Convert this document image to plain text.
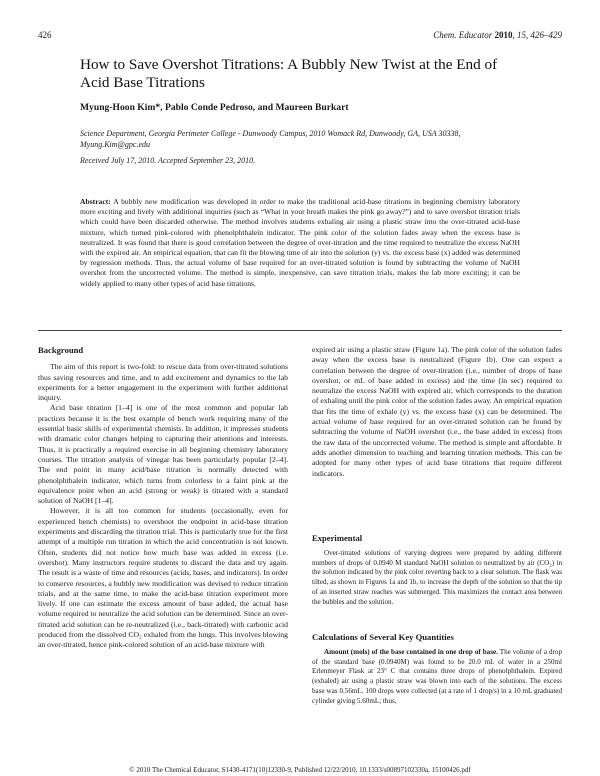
426	Chem. Educator 2010, 15, 426–429
How to Save Overshot Titrations: A Bubbly New Twist at the End of Acid Base Titrations
Myung-Hoon Kim*, Pablo Conde Pedroso, and Maureen Burkart
Science Department, Georgia Perimeter College - Dunwoody Campus, 2010 Womack Rd, Dunwoody, GA, USA 30338, Myung.Kim@gpc.edu
Received July 17, 2010. Accepted September 23, 2010.
Abstract: A bubbly new modification was developed in order to make the traditional acid-base titrations in beginning chemistry laboratory more exciting and lively with additional inquiries (such as “What in your breath makes the pink go away?”) and to save overshot titration trials which could have been discarded otherwise. The method involves students exhaling air using a plastic straw into the over-titrated acid-base mixture, which turned pink-colored with phenolphthalein indicator. The pink color of the solution fades away when the excess base is neutralized. It was found that there is good correlation between the degree of over-titration and the time required to neutralize the excess NaOH with the expired air. An empirical equation, that can fit the blowing time of air into the solution (y) vs. the excess base (x) added was determined by regression methods. Thus, the actual volume of base required for an over-titrated solution is found by subtracting the volume of NaOH overshot from the uncorrected volume. The method is simple, inexpensive, can save titration trials, makes the lab more exciting; it can be widely applied to many other types of acid base titrations.
Background

The aim of this report is two-fold: to rescue data from over-titrated solutions thus saving resources and time, and to add excitement and dynamics to the lab experiments for a better engagement in the experiment with further additional inquiry.

Acid base titration [1–4] is one of the most common and popular lab practices because it is the best example of bench work requiring many of the essential basic skills of experimental chemists. In addition, it impresses students with dramatic color changes helping to capturing their attentions and interests. Thus, it is practically a required exercise in all beginning chemistry laboratory courses. The titration analysis of vinegar has been particularly popular [2–4]. The end point in many acid/base titration is normally detected with phenolphthalein indicator, which turns from colorless to a faint pink at the equivalence point when an acid (strong or weak) is titrated with a standard solution of NaOH [1–4].

However, it is all too common for students (occasionally, even for experienced bench chemists) to overshoot the endpoint in acid-base titration experiments and discarding the titration trial. This is particularly true for the first attempt of a multiple run titration in which the acid concentration is not known. Often, students did not notice how much base was added in excess (i.e. overshot). Many instructors require students to discard the data and try again. The result is a waste of time and resources (acids, bases, and indicators). In order to conserve resources, a bubbly new modification was devised to reduce titration trials, and at the same time, to make the acid-base titration experiment more lively. If one can estimate the excess amount of base added, the actual base volume required to neutralize the acid solution can be determined. Since an over-titrated acid solution can be re-neutralized (i.e., back-titrated) with carbonic acid produced from the dissolved CO₂ exhaled from the lungs. This involves blowing an over-titrated, hence pink-colored solution of an acid-base mixture with

expired air using a plastic straw (Figure 1a). The pink color of the solution fades away when the excess base is neutralized (Figure 1b). One can expect a correlation between the degree of over-titration (i.e., number of drops of base overshot, or mL of base added in excess) and the time (in sec) required to neutralize the excess NaOH with expired air, which corresponds to the duration of exhaling until the pink color of the solution fades away. An empirical equation that fits the time of exhale (y) vs. the excess base (x) can be determined. The actual volume of base required for an over-titrated solution can be found by subtracting the volume of NaOH overshot (i.e., the base added in excess) from the raw data of the uncorrected volume. The method is simple and affordable. It adds another dimension to teaching and learning titration methods. This can be adopted for many other types of acid base titrations that require different indicators.

Experimental

Over-titrated solutions of varying degrees were prepared by adding different numbers of drops of 0.0940 M standard NaOH solution to neutralized by air (CO₂) in the solution indicated by the pink color reverting back to a clear solution. The flask was tilted, as shown in Figures 1a and 1b, to increase the depth of the solution so that the tip of an inserted straw reaches was submerged. This maximizes the contact area between the bubbles and the solution.

Calculations of Several Key Quantities

Amount (mols) of the base contained in one drop of base. The volume of a drop of the standard base (0.0940M) was found to be 20.0 mL of water in a 250ml Erlenmeyer Flask at 23° C that contains three drops of phenolphthalein. Expired (exhaled) air using a plastic straw was blown into each of the solutions. The excess base was 0.56mL. 100 drops were collected (at a rate of 1 drop/s) in a 10 mL graduated cylinder giving 5.60mL; thus,

© 2010 The Chemical Educator, S1430-4171(10)12330-9, Published 12/22/2010, 10.1333/s00897102330a, 15100426.pdf
